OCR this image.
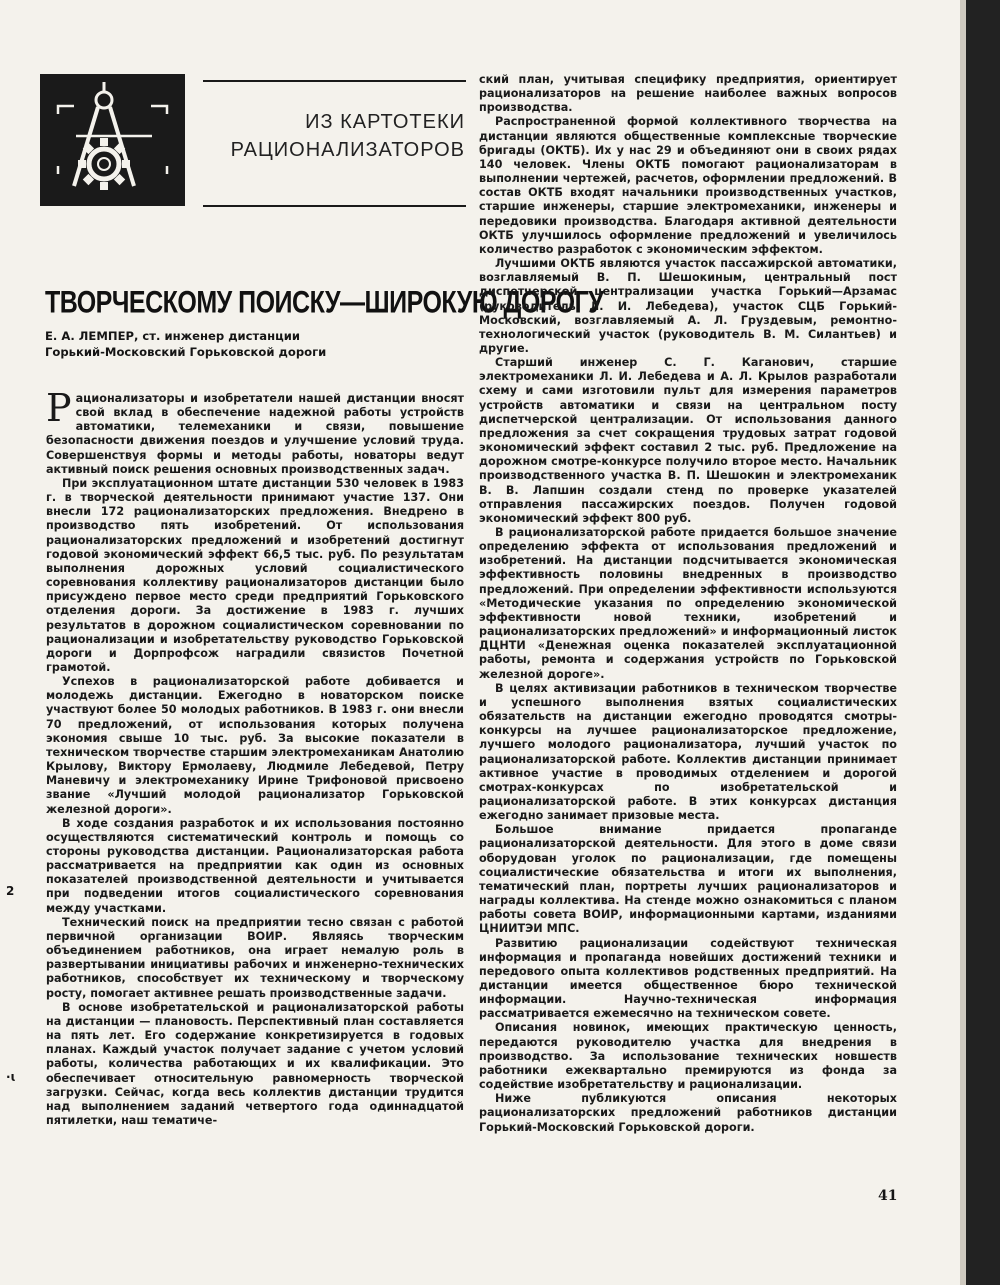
ИЗ КАРТОТЕКИ
РАЦИОНАЛИЗАТОРОВ
ТВОРЧЕСКОМУ ПОИСКУ—ШИРОКУЮ ДОРОГУ
Е. А. ЛЕМПЕР, ст. инженер дистанции
Горький-Московский Горьковской дороги

Рационализаторы и изобретатели нашей дистанции вносят свой вклад в обеспечение надежной работы устройств автоматики, телемеханики и связи, повышение безопасности движения поездов и улучшение условий труда. Совершенствуя формы и методы работы, новаторы ведут активный поиск решения основных производственных задач.

При эксплуатационном штате дистанции 530 человек в 1983 г. в творческой деятельности принимают участие 137. Они внесли 172 рационализаторских предложения. Внедрено в производство пять изобретений. От использования рационализаторских предложений и изобретений достигнут годовой экономический эффект 66,5 тыс. руб. По результатам выполнения дорожных условий социалистического соревнования коллективу рационализаторов дистанции было присуждено первое место среди предприятий Горьковского отделения дороги. За достижение в 1983 г. лучших результатов в дорожном социалистическом соревновании по рационализации и изобретательству руководство Горьковской дороги и Дорпрофсож наградили связистов Почетной грамотой.

Успехов в рационализаторской работе добивается и молодежь дистанции. Ежегодно в новаторском поиске участвуют более 50 молодых работников. В 1983 г. они внесли 70 предложений, от использования которых получена экономия свыше 10 тыс. руб. За высокие показатели в техническом творчестве старшим электромеханикам Анатолию Крылову, Виктору Ермолаеву, Людмиле Лебедевой, Петру Маневичу и электромеханику Ирине Трифоновой присвоено звание «Лучший молодой рационализатор Горьковской железной дороги».

В ходе создания разработок и их использования постоянно осуществляются систематический контроль и помощь со стороны руководства дистанции. Рационализаторская работа рассматривается на предприятии как один из основных показателей производственной деятельности и учитывается при подведении итогов социалистического соревнования между участками.

Технический поиск на предприятии тесно связан с работой первичной организации ВОИР. Являясь творческим объединением работников, она играет немалую роль в развертывании инициативы рабочих и инженерно-технических работников, способствует их техническому и творческому росту, помогает активнее решать производственные задачи.

В основе изобретательской и рационализаторской работы на дистанции — плановость. Перспективный план составляется на пять лет. Его содержание конкретизируется в годовых планах. Каждый участок получает задание с учетом условий работы, количества работающих и их квалификации. Это обеспечивает относительную равномерность творческой загрузки. Сейчас, когда весь коллектив дистанции трудится над выполнением заданий четвертого года одиннадцатой пятилетки, наш тематиче-

ский план, учитывая специфику предприятия, ориентирует рационализаторов на решение наиболее важных вопросов производства.

Распространенной формой коллективного творчества на дистанции являются общественные комплексные творческие бригады (ОКТБ). Их у нас 29 и объединяют они в своих рядах 140 человек. Члены ОКТБ помогают рационализаторам в выполнении чертежей, расчетов, оформлении предложений. В состав ОКТБ входят начальники производственных участков, старшие инженеры, старшие электромеханики, инженеры и передовики производства. Благодаря активной деятельности ОКТБ улучшилось оформление предложений и увеличилось количество разработок с экономическим эффектом.

Лучшими ОКТБ являются участок пассажирской автоматики, возглавляемый В. П. Шешокиным, центральный пост диспетчерской централизации участка Горький—Арзамас (руководитель Л. И. Лебедева), участок СЦБ Горький-Московский, возглавляемый А. Л. Груздевым, ремонтно-технологический участок (руководитель В. М. Силантьев) и другие.

Старший инженер С. Г. Каганович, старшие электромеханики Л. И. Лебедева и А. Л. Крылов разработали схему и сами изготовили пульт для измерения параметров устройств автоматики и связи на центральном посту диспетчерской централизации. От использования данного предложения за счет сокращения трудовых затрат годовой экономический эффект составил 2 тыс. руб. Предложение на дорожном смотре-конкурсе получило второе место. Начальник производственного участка В. П. Шешокин и электромеханик В. В. Лапшин создали стенд по проверке указателей отправления пассажирских поездов. Получен годовой экономический эффект 800 руб.

В рационализаторской работе придается большое значение определению эффекта от использования предложений и изобретений. На дистанции подсчитывается экономическая эффективность половины внедренных в производство предложений. При определении эффективности используются «Методические указания по определению экономической эффективности новой техники, изобретений и рационализаторских предложений» и информационный листок ДЦНТИ «Денежная оценка показателей эксплуатационной работы, ремонта и содержания устройств по Горьковской железной дороге».

В целях активизации работников в техническом творчестве и успешного выполнения взятых социалистических обязательств на дистанции ежегодно проводятся смотры-конкурсы на лучшее рационализаторское предложение, лучшего молодого рационализатора, лучший участок по рационализаторской работе. Коллектив дистанции принимает активное участие в проводимых отделением и дорогой смотрах-конкурсах по изобретательской и рационализаторской работе. В этих конкурсах дистанция ежегодно занимает призовые места.

Большое внимание придается пропаганде рационализаторской деятельности. Для этого в доме связи оборудован уголок по рационализации, где помещены социалистические обязательства и итоги их выполнения, тематический план, портреты лучших рационализаторов и награды коллектива. На стенде можно ознакомиться с планом работы совета ВОИР, информационными картами, изданиями ЦНИИТЭИ МПС.

Развитию рационализации содействуют техническая информация и пропаганда новейших достижений техники и передового опыта коллективов родственных предприятий. На дистанции имеется общественное бюро технической информации. Научно-техническая информация рассматривается ежемесячно на техническом совете.

Описания новинок, имеющих практическую ценность, передаются руководителю участка для внедрения в производство. За использование технических новшеств работники ежеквартально премируются из фонда за содействие изобретательству и рационализации.

Ниже публикуются описания некоторых рационализаторских предложений работников дистанции Горький-Московский Горьковской дороги.

2
·ɩ
41
